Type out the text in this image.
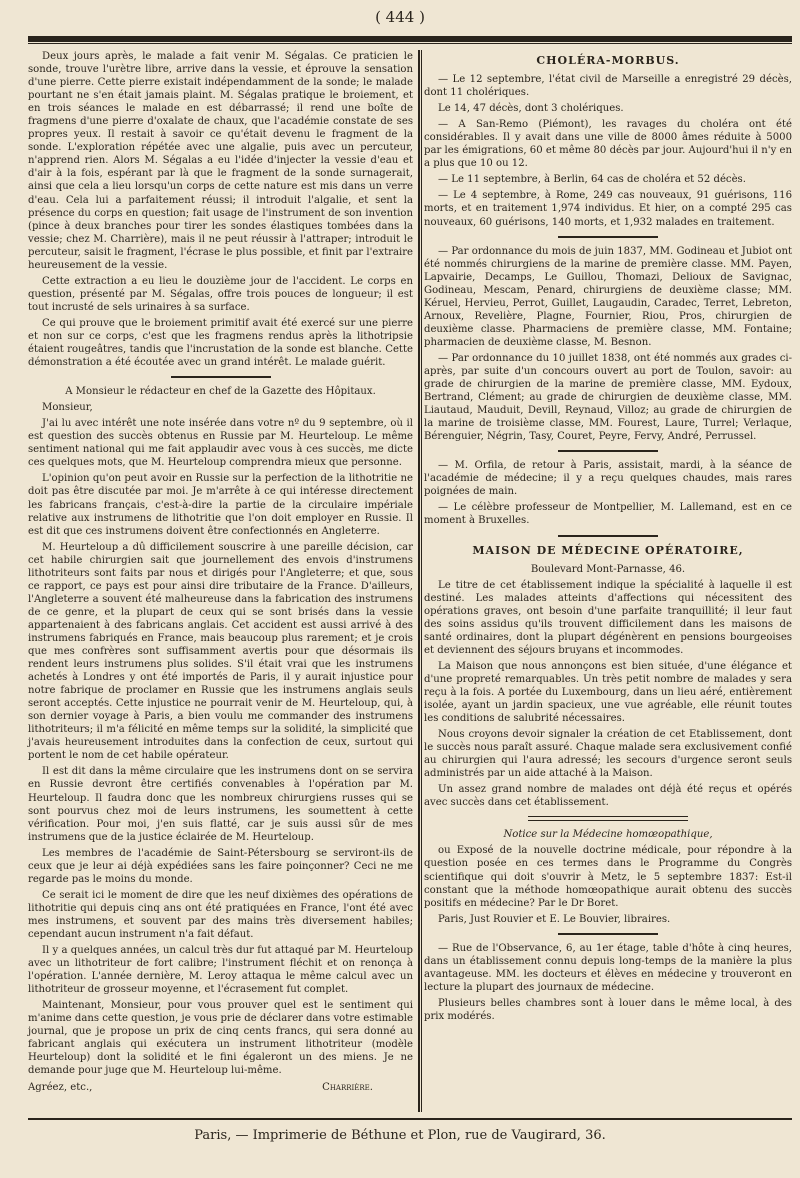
( 444 )

Deux jours après, le malade a fait venir M. Ségalas. Ce praticien le sonde, trouve l'urètre libre, arrive dans la vessie, et éprouve la sensation d'une pierre. Cette pierre existait indépendamment de la sonde; le malade pourtant ne s'en était jamais plaint. M. Ségalas pratique le broiement, et en trois séances le malade en est débarrassé; il rend une boîte de fragmens d'une pierre d'oxalate de chaux, que l'académie constate de ses propres yeux. Il restait à savoir ce qu'était devenu le fragment de la sonde. L'exploration répétée avec une algalie, puis avec un percuteur, n'apprend rien. Alors M. Ségalas a eu l'idée d'injecter la vessie d'eau et d'air à la fois, espérant par là que le fragment de la sonde surnagerait, ainsi que cela a lieu lorsqu'un corps de cette nature est mis dans un verre d'eau. Cela lui a parfaitement réussi; il introduit l'algalie, et sent la présence du corps en question; fait usage de l'instrument de son invention (pince à deux branches pour tirer les sondes élastiques tombées dans la vessie; chez M. Charrière), mais il ne peut réussir à l'attraper; introduit le percuteur, saisit le fragment, l'écrase le plus possible, et finit par l'extraire heureusement de la vessie.

Cette extraction a eu lieu le douzième jour de l'accident. Le corps en question, présenté par M. Ségalas, offre trois pouces de longueur; il est tout incrusté de sels urinaires à sa surface.

Ce qui prouve que le broiement primitif avait été exercé sur une pierre et non sur ce corps, c'est que les fragmens rendus après la lithotripsie étaient rougeâtres, tandis que l'incrustation de la sonde est blanche. Cette démonstration a été écoutée avec un grand intérêt. Le malade guérit.

A Monsieur le rédacteur en chef de la Gazette des Hôpitaux.

Monsieur,

J'ai lu avec intérêt une note insérée dans votre nº du 9 septembre, où il est question des succès obtenus en Russie par M. Heurteloup. Le même sentiment national qui me fait applaudir avec vous à ces succès, me dicte ces quelques mots, que M. Heurteloup comprendra mieux que personne.

L'opinion qu'on peut avoir en Russie sur la perfection de la lithotritie ne doit pas être discutée par moi. Je m'arrête à ce qui intéresse directement les fabricans français, c'est-à-dire la partie de la circulaire impériale relative aux instrumens de lithotritie que l'on doit employer en Russie. Il est dit que ces instrumens doivent être confectionnés en Angleterre.

M. Heurteloup a dû difficilement souscrire à une pareille décision, car cet habile chirurgien sait que journellement des envois d'instrumens lithotriteurs sont faits par nous et dirigés pour l'Angleterre; et que, sous ce rapport, ce pays est pour ainsi dire tributaire de la France. D'ailleurs, l'Angleterre a souvent été malheureuse dans la fabrication des instrumens de ce genre, et la plupart de ceux qui se sont brisés dans la vessie appartenaient à des fabricans anglais. Cet accident est aussi arrivé à des instrumens fabriqués en France, mais beaucoup plus rarement; et je crois que mes confrères sont suffisamment avertis pour que désormais ils rendent leurs instrumens plus solides. S'il était vrai que les instrumens achetés à Londres y ont été importés de Paris, il y aurait injustice pour notre fabrique de proclamer en Russie que les instrumens anglais seuls seront acceptés. Cette injustice ne pourrait venir de M. Heurteloup, qui, à son dernier voyage à Paris, a bien voulu me commander des instrumens lithotriteurs; il m'a félicité en même temps sur la solidité, la simplicité que j'avais heureusement introduites dans la confection de ceux, surtout qui portent le nom de cet habile opérateur.

Il est dit dans la même circulaire que les instrumens dont on se servira en Russie devront être certifiés convenables à l'opération par M. Heurteloup. Il faudra donc que les nombreux chirurgiens russes qui se sont pourvus chez moi de leurs instrumens, les soumettent à cette vérification. Pour moi, j'en suis flatté, car je suis aussi sûr de mes instrumens que de la justice éclairée de M. Heurteloup.

Les membres de l'académie de Saint-Pétersbourg se serviront-ils de ceux que je leur ai déjà expédiées sans les faire poinçonner? Ceci ne me regarde pas le moins du monde.

Ce serait ici le moment de dire que les neuf dixièmes des opérations de lithotritie qui depuis cinq ans ont été pratiquées en France, l'ont été avec mes instrumens, et souvent par des mains très diversement habiles; cependant aucun instrument n'a fait défaut.

Il y a quelques années, un calcul très dur fut attaqué par M. Heurteloup avec un lithotriteur de fort calibre; l'instrument fléchit et on renonça à l'opération. L'année dernière, M. Leroy attaqua le même calcul avec un lithotriteur de grosseur moyenne, et l'écrasement fut complet.

Maintenant, Monsieur, pour vous prouver quel est le sentiment qui m'anime dans cette question, je vous prie de déclarer dans votre estimable journal, que je propose un prix de cinq cents francs, qui sera donné au fabricant anglais qui exécutera un instrument lithotriteur (modèle Heurteloup) dont la solidité et le fini égaleront un des miens. Je ne demande pour juge que M. Heurteloup lui-même.

Agréez, etc.,	Charrière.

CHOLÉRA-MORBUS.

— Le 12 septembre, l'état civil de Marseille a enregistré 29 décès, dont 11 cholériques.

Le 14, 47 décès, dont 3 cholériques.

— A San-Remo (Piémont), les ravages du choléra ont été considérables. Il y avait dans une ville de 8000 âmes réduite à 5000 par les émigrations, 60 et même 80 décès par jour. Aujourd'hui il n'y en a plus que 10 ou 12.

— Le 11 septembre, à Berlin, 64 cas de choléra et 52 décès.

— Le 4 septembre, à Rome, 249 cas nouveaux, 91 guérisons, 116 morts, et en traitement 1,974 individus. Et hier, on a compté 295 cas nouveaux, 60 guérisons, 140 morts, et 1,932 malades en traitement.

— Par ordonnance du mois de juin 1837, MM. Godineau et Jubiot ont été nommés chirurgiens de la marine de première classe. MM. Payen, Lapvairie, Decamps, Le Guillou, Thomazi, Delioux de Savignac, Godineau, Mescam, Penard, chirurgiens de deuxième classe; MM. Kéruel, Hervieu, Perrot, Guillet, Laugaudin, Caradec, Terret, Lebreton, Arnoux, Revelière, Plagne, Fournier, Riou, Pros, chirurgien de deuxième classe. Pharmaciens de première classe, MM. Fontaine; pharmacien de deuxième classe, M. Besnon.

— Par ordonnance du 10 juillet 1838, ont été nommés aux grades ci-après, par suite d'un concours ouvert au port de Toulon, savoir: au grade de chirurgien de la marine de première classe, MM. Eydoux, Bertrand, Clément; au grade de chirurgien de deuxième classe, MM. Liautaud, Mauduit, Devill, Reynaud, Villoz; au grade de chirurgien de la marine de troisième classe, MM. Fourest, Laure, Turrel; Verlaque, Bérenguier, Négrin, Tasy, Couret, Peyre, Fervy, André, Perrussel.

— M. Orfila, de retour à Paris, assistait, mardi, à la séance de l'académie de médecine; il y a reçu quelques chaudes, mais rares poignées de main.

— Le célèbre professeur de Montpellier, M. Lallemand, est en ce moment à Bruxelles.

MAISON DE MÉDECINE OPÉRATOIRE,

Boulevard Mont-Parnasse, 46.

Le titre de cet établissement indique la spécialité à laquelle il est destiné. Les malades atteints d'affections qui nécessitent des opérations graves, ont besoin d'une parfaite tranquillité; il leur faut des soins assidus qu'ils trouvent difficilement dans les maisons de santé ordinaires, dont la plupart dégénèrent en pensions bourgeoises et deviennent des séjours bruyans et incommodes.

La Maison que nous annonçons est bien située, d'une élégance et d'une propreté remarquables. Un très petit nombre de malades y sera reçu à la fois. A portée du Luxembourg, dans un lieu aéré, entièrement isolée, ayant un jardin spacieux, une vue agréable, elle réunit toutes les conditions de salubrité nécessaires.

Nous croyons devoir signaler la création de cet Etablissement, dont le succès nous paraît assuré. Chaque malade sera exclusivement confié au chirurgien qui l'aura adressé; les secours d'urgence seront seuls administrés par un aide attaché à la Maison.

Un assez grand nombre de malades ont déjà été reçus et opérés avec succès dans cet établissement.

Notice sur la Médecine homœopathique,

ou Exposé de la nouvelle doctrine médicale, pour répondre à la question posée en ces termes dans le Programme du Congrès scientifique qui doit s'ouvrir à Metz, le 5 septembre 1837: Est-il constant que la méthode homœopathique aurait obtenu des succès positifs en médecine? Par le Dr Boret.

Paris, Just Rouvier et E. Le Bouvier, libraires.

— Rue de l'Observance, 6, au 1er étage, table d'hôte à cinq heures, dans un établissement connu depuis long-temps de la manière la plus avantageuse. MM. les docteurs et élèves en médecine y trouveront en lecture la plupart des journaux de médecine.

Plusieurs belles chambres sont à louer dans le même local, à des prix modérés.

Paris, — Imprimerie de Béthune et Plon, rue de Vaugirard, 36.
